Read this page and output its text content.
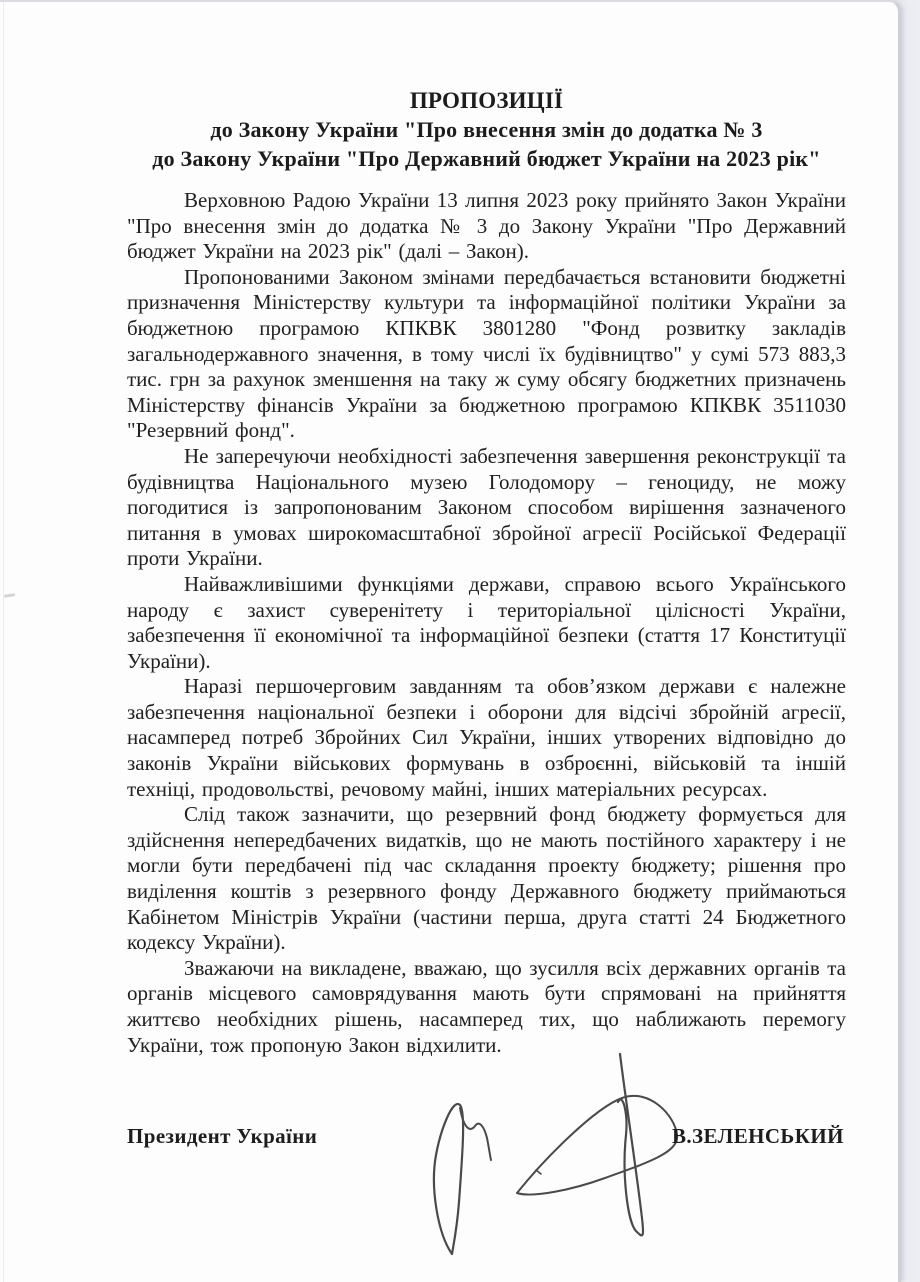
ПРОПОЗИЦІЇ
до Закону України "Про внесення змін до додатка № 3
до Закону України "Про Державний бюджет України на 2023 рік"

Верховною Радою України 13 липня 2023 року прийнято Закон України "Про внесення змін до додатка № 3 до Закону України "Про Державний бюджет України на 2023 рік" (далі – Закон).

Пропонованими Законом змінами передбачається встановити бюджетні призначення Міністерству культури та інформаційної політики України за бюджетною програмою КПКВК 3801280 "Фонд розвитку закладів загальнодержавного значення, в тому числі їх будівництво" у сумі 573 883,3 тис. грн за рахунок зменшення на таку ж суму обсягу бюджетних призначень Міністерству фінансів України за бюджетною програмою КПКВК 3511030 "Резервний фонд".

Не заперечуючи необхідності забезпечення завершення реконструкції та будівництва Національного музею Голодомору – геноциду, не можу погодитися із запропонованим Законом способом вирішення зазначеного питання в умовах широкомасштабної збройної агресії Російської Федерації проти України.

Найважливішими функціями держави, справою всього Українського народу є захист суверенітету і територіальної цілісності України, забезпечення її економічної та інформаційної безпеки (стаття 17 Конституції України).

Наразі першочерговим завданням та обов’язком держави є належне забезпечення національної безпеки і оборони для відсічі збройній агресії, насамперед потреб Збройних Сил України, інших утворених відповідно до законів України військових формувань в озброєнні, військовій та іншій техніці, продовольстві, речовому майні, інших матеріальних ресурсах.

Слід також зазначити, що резервний фонд бюджету формується для здійснення непередбачених видатків, що не мають постійного характеру і не могли бути передбачені під час складання проекту бюджету; рішення про виділення коштів з резервного фонду Державного бюджету приймаються Кабінетом Міністрів України (частини перша, друга статті 24 Бюджетного кодексу України).

Зважаючи на викладене, вважаю, що зусилля всіх державних органів та органів місцевого самоврядування мають бути спрямовані на прийняття життєво необхідних рішень, насамперед тих, що наближають перемогу України, тож пропоную Закон відхилити.

Президент України	В.ЗЕЛЕНСЬКИЙ
